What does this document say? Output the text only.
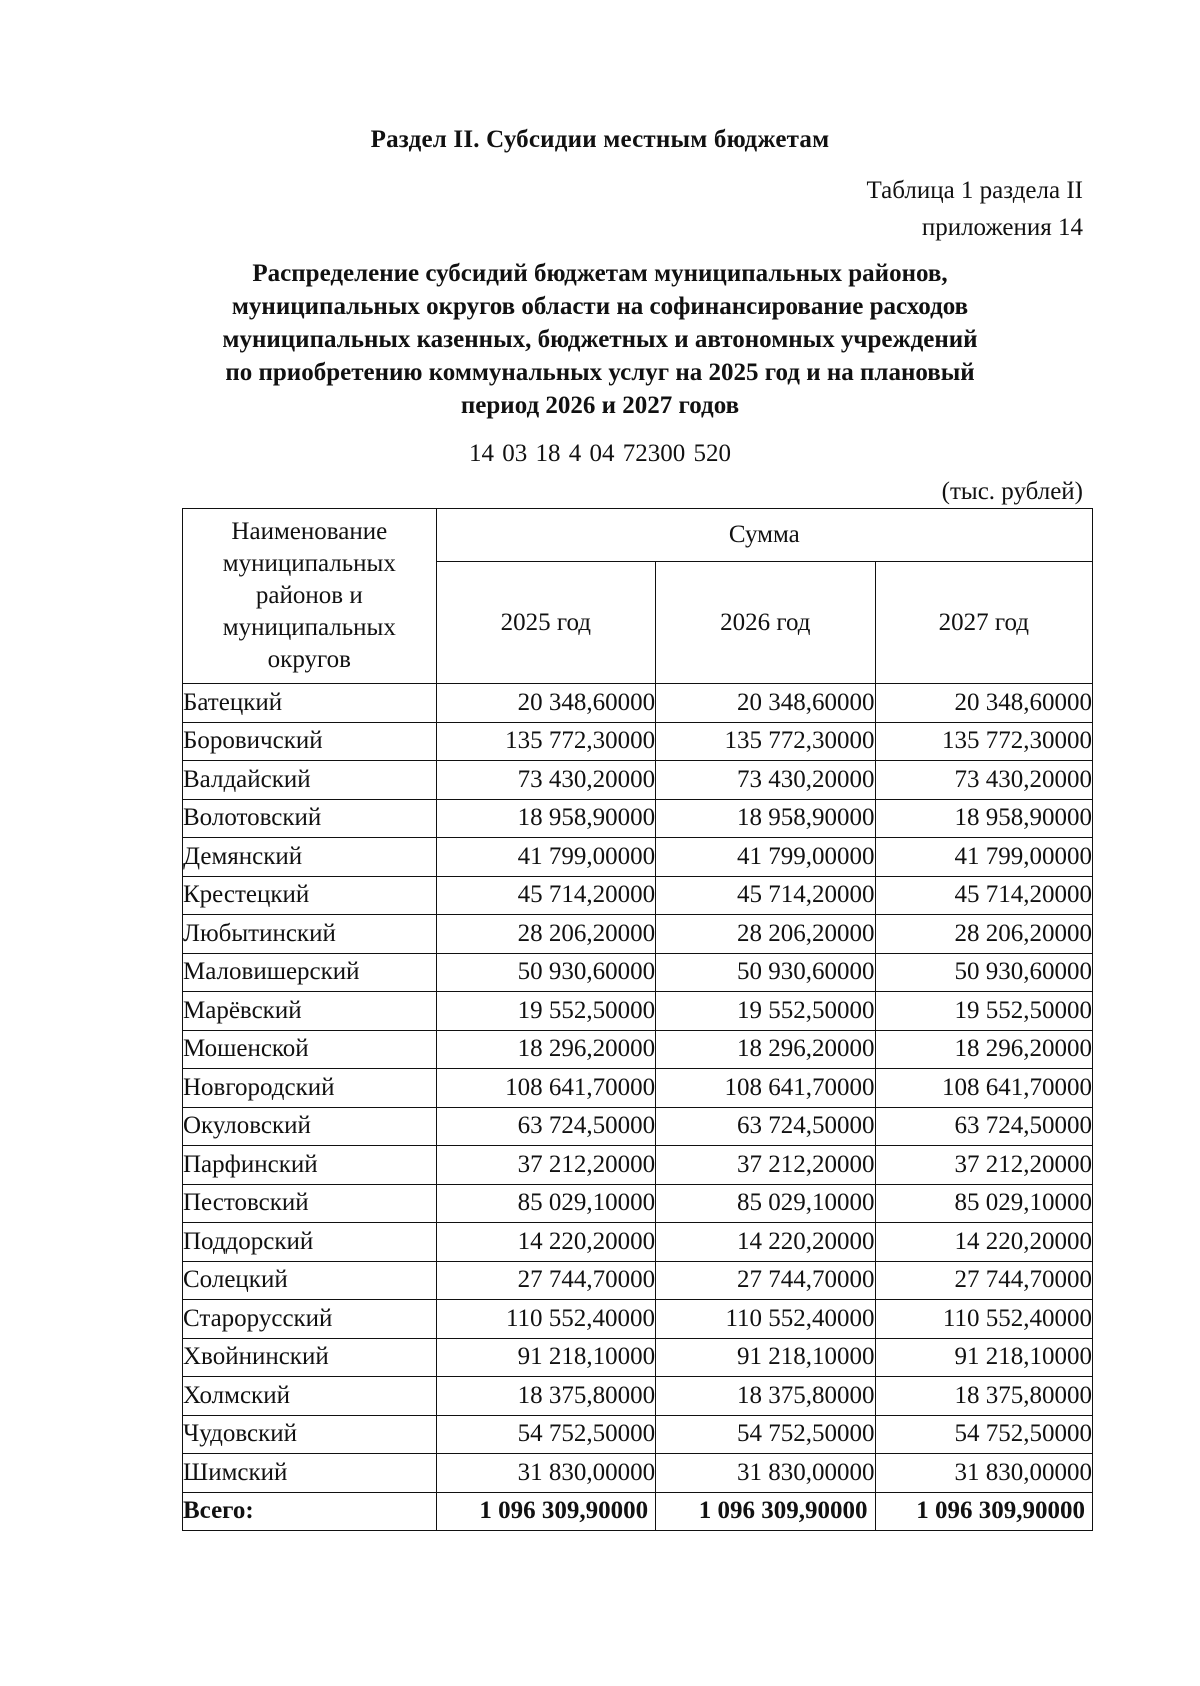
Раздел II. Субсидии местным бюджетам
Таблица 1 раздела II
приложения 14
Распределение субсидий бюджетам муниципальных районов,
муниципальных округов области на софинансирование расходов
муниципальных казенных, бюджетных и автономных учреждений
по приобретению коммунальных услуг на 2025 год и на плановый
период 2026 и 2027 годов
14 03 18 4 04 72300 520
(тыс. рублей)
Наименование муниципальных районов и муниципальных округов	Сумма		
	2025 год	2026 год	2027 год
Батецкий	20 348,60000	20 348,60000	20 348,60000
Боровичский	135 772,30000	135 772,30000	135 772,30000
Валдайский	73 430,20000	73 430,20000	73 430,20000
Волотовский	18 958,90000	18 958,90000	18 958,90000
Демянский	41 799,00000	41 799,00000	41 799,00000
Крестецкий	45 714,20000	45 714,20000	45 714,20000
Любытинский	28 206,20000	28 206,20000	28 206,20000
Маловишерский	50 930,60000	50 930,60000	50 930,60000
Марёвский	19 552,50000	19 552,50000	19 552,50000
Мошенской	18 296,20000	18 296,20000	18 296,20000
Новгородский	108 641,70000	108 641,70000	108 641,70000
Окуловский	63 724,50000	63 724,50000	63 724,50000
Парфинский	37 212,20000	37 212,20000	37 212,20000
Пестовский	85 029,10000	85 029,10000	85 029,10000
Поддорский	14 220,20000	14 220,20000	14 220,20000
Солецкий	27 744,70000	27 744,70000	27 744,70000
Старорусский	110 552,40000	110 552,40000	110 552,40000
Хвойнинский	91 218,10000	91 218,10000	91 218,10000
Холмский	18 375,80000	18 375,80000	18 375,80000
Чудовский	54 752,50000	54 752,50000	54 752,50000
Шимский	31 830,00000	31 830,00000	31 830,00000
Всего:	1 096 309,90000	1 096 309,90000	1 096 309,90000
